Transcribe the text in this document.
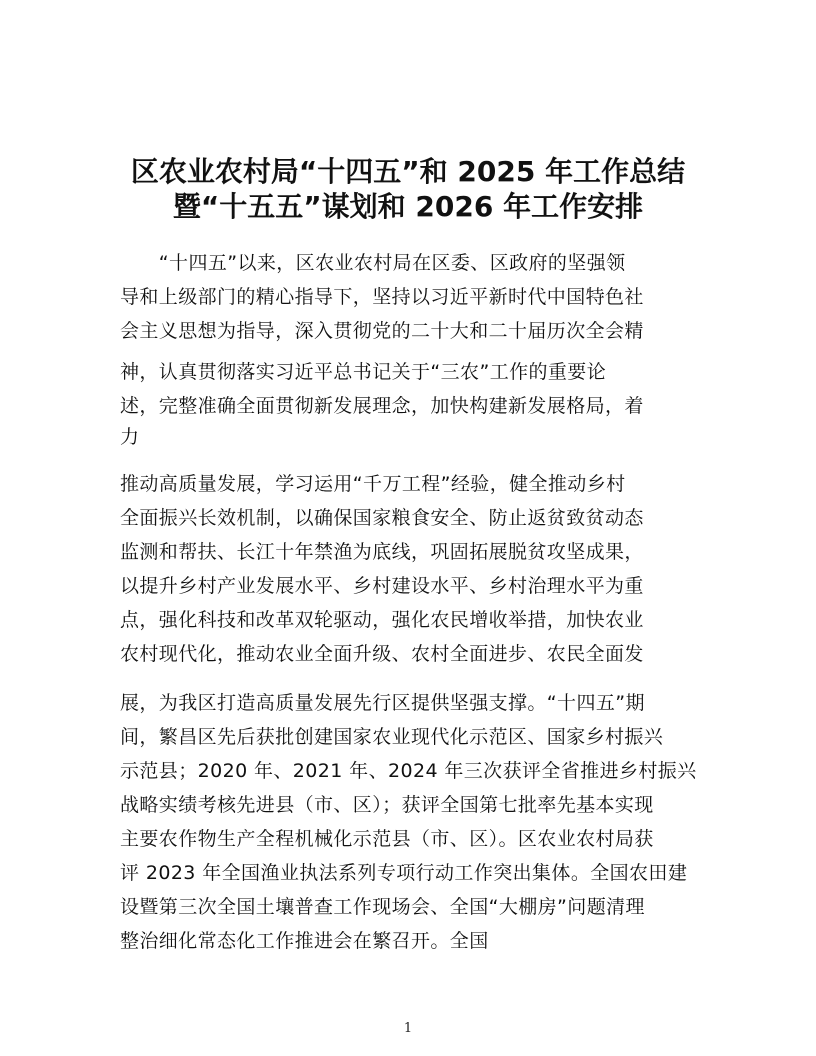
区农业农村局“十四五”和 2025 年工作总结
暨“十五五”谋划和 2026 年工作安排
　　“十四五”以来，区农业农村局在区委、区政府的坚强领
导和上级部门的精心指导下，坚持以习近平新时代中国特色社
会主义思想为指导，深入贯彻党的二十大和二十届历次全会精
神，认真贯彻落实习近平总书记关于“三农”工作的重要论
述，完整准确全面贯彻新发展理念，加快构建新发展格局，着
力
推动高质量发展，学习运用“千万工程”经验，健全推动乡村
全面振兴长效机制，以确保国家粮食安全、防止返贫致贫动态
监测和帮扶、长江十年禁渔为底线，巩固拓展脱贫攻坚成果，
以提升乡村产业发展水平、乡村建设水平、乡村治理水平为重
点，强化科技和改革双轮驱动，强化农民增收举措，加快农业
农村现代化，推动农业全面升级、农村全面进步、农民全面发
展，为我区打造高质量发展先行区提供坚强支撑。“十四五”期
间，繁昌区先后获批创建国家农业现代化示范区、国家乡村振兴
示范县；2020 年、2021 年、2024 年三次获评全省推进乡村振兴
战略实绩考核先进县（市、区）；获评全国第七批率先基本实现
主要农作物生产全程机械化示范县（市、区）。区农业农村局获
评 2023 年全国渔业执法系列专项行动工作突出集体。全国农田建
设暨第三次全国土壤普查工作现场会、全国“大棚房”问题清理
整治细化常态化工作推进会在繁召开。全国
1
